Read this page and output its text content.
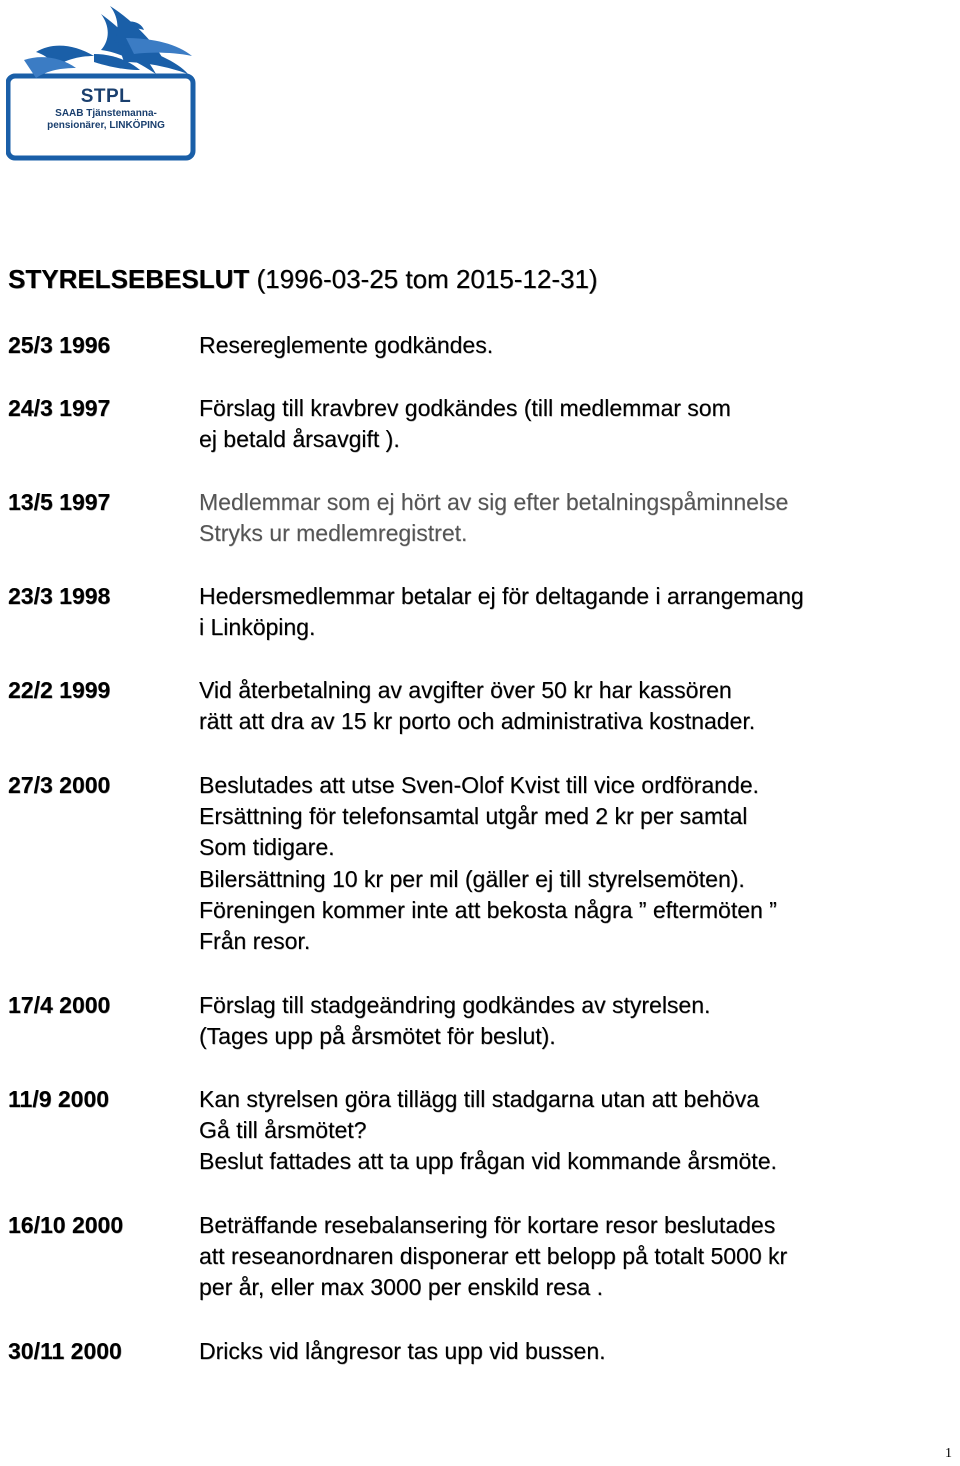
STPL
SAAB Tjänstemanna-
pensionärer, LINKÖPING
STYRELSEBESLUT (1996-03-25 tom 2015-12-31)
25/3 1996	Resereglemente godkändes.
24/3 1997	Förslag till kravbrev godkändes (till medlemmar som
ej betald årsavgift ).
13/5 1997	Medlemmar som ej hört av sig efter betalningspåminnelse
Stryks ur medlemregistret.
23/3 1998	Hedersmedlemmar betalar ej för deltagande i arrangemang
i Linköping.
22/2 1999	Vid återbetalning av avgifter över 50 kr har kassören
rätt att dra av 15 kr porto och administrativa kostnader.
27/3 2000	Beslutades att utse Sven-Olof Kvist till vice ordförande.
Ersättning för telefonsamtal utgår med 2 kr per samtal
Som tidigare.
Bilersättning 10 kr per mil (gäller ej till styrelsemöten).
Föreningen kommer inte att bekosta några ” eftermöten ”
Från resor.
17/4 2000	Förslag till stadgeändring godkändes av styrelsen.
(Tages upp på årsmötet för beslut).
11/9 2000	Kan styrelsen göra tillägg till stadgarna utan att behöva
Gå till årsmötet?
Beslut fattades att ta upp frågan vid kommande årsmöte.
16/10 2000	Beträffande resebalansering för kortare resor beslutades
att reseanordnaren disponerar ett belopp på totalt 5000 kr
per år, eller max 3000 per enskild resa .
30/11 2000	Dricks vid långresor tas upp vid bussen.
1
